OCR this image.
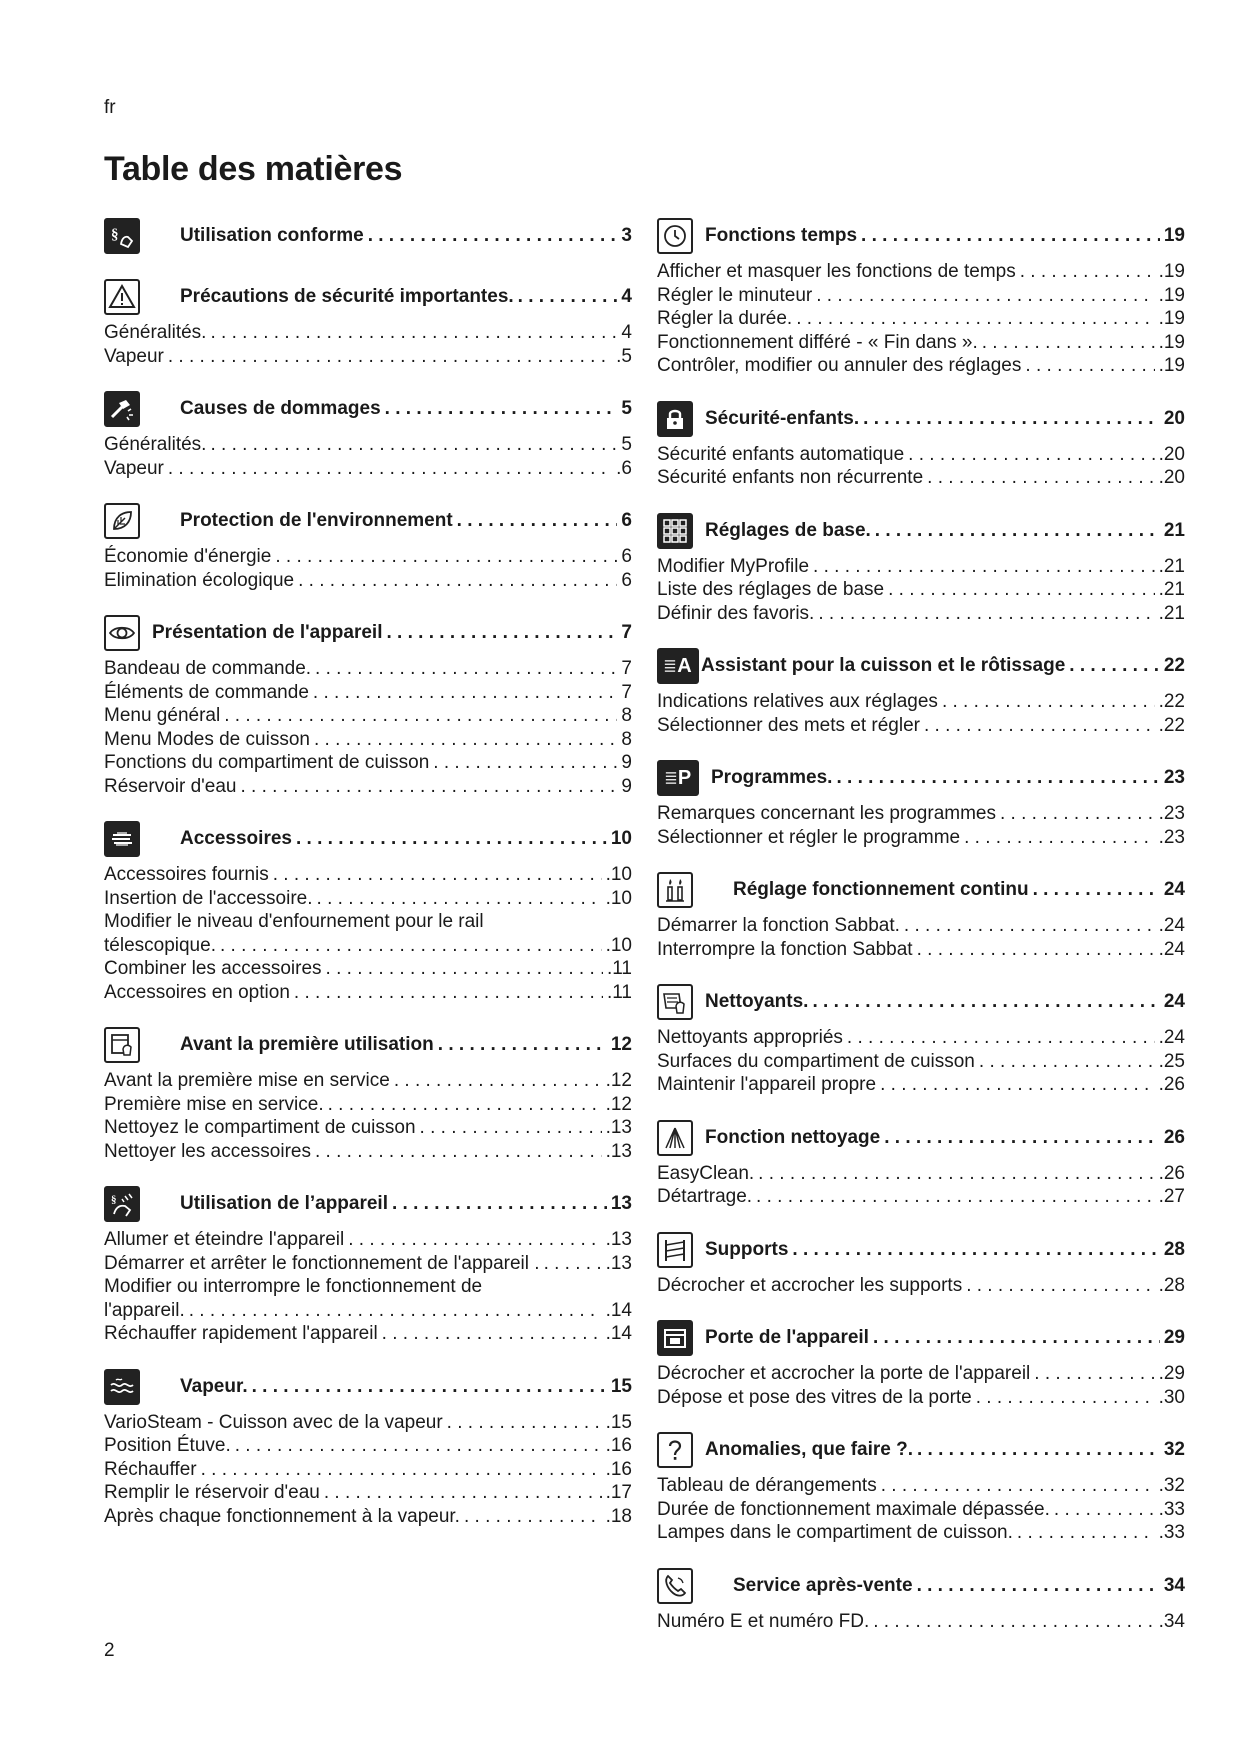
fr
Table des matières
§	Utilisation conforme . . .	3
Précautions de sécurité importantes. . . .	4
Généralités. . . .	4
Vapeur . . .	.5
Causes de dommages . . .	5
Généralités. . . .	5
Vapeur . . .	.6
Protection de l'environnement . . .	6
Économie d'énergie . . .	6
Elimination écologique . . .	6
Présentation de l'appareil . . .	7
Bandeau de commande. . . .	7
Éléments de commande . . .	7
Menu général . . .	8
Menu Modes de cuisson . . .	8
Fonctions du compartiment de cuisson . . .	9
Réservoir d'eau . . .	9
Accessoires . . .	10
Accessoires fournis . . .	.10
Insertion de l'accessoire. . . .	.10
Modifier le niveau d'enfournement pour le rail
télescopique. . . .	.10
Combiner les accessoires . . .	.11
Accessoires en option . . .	.11
Avant la première utilisation . . .	12
Avant la première mise en service . . .	.12
Première mise en service. . . .	.12
Nettoyez le compartiment de cuisson . . .	.13
Nettoyer les accessoires . . .	.13
§	Utilisation de l’appareil . . .	13
Allumer et éteindre l'appareil . . .	.13
Démarrer et arrêter le fonctionnement de l'appareil . . . .	.13
Modifier ou interrompre le fonctionnement de
l'appareil. . . .	.14
Réchauffer rapidement l'appareil . . .	.14
Vapeur. . . .	15
VarioSteam - Cuisson avec de la vapeur . . .	.15
Position Étuve. . . .	.16
Réchauffer . . .	.16
Remplir le réservoir d'eau . . .	.17
Après chaque fonctionnement à la vapeur. . . .	.18
Fonctions temps . . .	19
Afficher et masquer les fonctions de temps . . .	.19
Régler le minuteur . . .	.19
Régler la durée. . . .	.19
Fonctionnement différé - « Fin dans ». . . .	.19
Contrôler, modifier ou annuler des réglages . . .	.19
Sécurité-enfants. . . .	20
Sécurité enfants automatique . . .	.20
Sécurité enfants non récurrente . . .	.20
Réglages de base. . . .	21
Modifier MyProfile . . .	.21
Liste des réglages de base . . .	.21
Définir des favoris. . . .	.21
A Assistant pour la cuisson et le rôtissage . . .	22
Indications relatives aux réglages . . .	.22
Sélectionner des mets et régler . . .	.22
P Programmes. . . .	23
Remarques concernant les programmes . . .	.23
Sélectionner et régler le programme . . .	.23
Réglage fonctionnement continu . . .	24
Démarrer la fonction Sabbat. . . .	.24
Interrompre la fonction Sabbat . . .	.24
Nettoyants. . . .	24
Nettoyants appropriés . . .	.24
Surfaces du compartiment de cuisson . . .	.25
Maintenir l'appareil propre . . .	.26
Fonction nettoyage . . .	26
EasyClean. . . .	.26
Détartrage. . . .	.27
Supports . . .	28
Décrocher et accrocher les supports . . .	.28
Porte de l'appareil . . .	29
Décrocher et accrocher la porte de l'appareil . . .	.29
Dépose et pose des vitres de la porte . . .	.30
Anomalies, que faire ?. . . .	32
Tableau de dérangements . . .	.32
Durée de fonctionnement maximale dépassée. . . .	.33
Lampes dans le compartiment de cuisson. . . .	.33
Service après-vente . . .	34
Numéro E et numéro FD. . . .	.34
2
